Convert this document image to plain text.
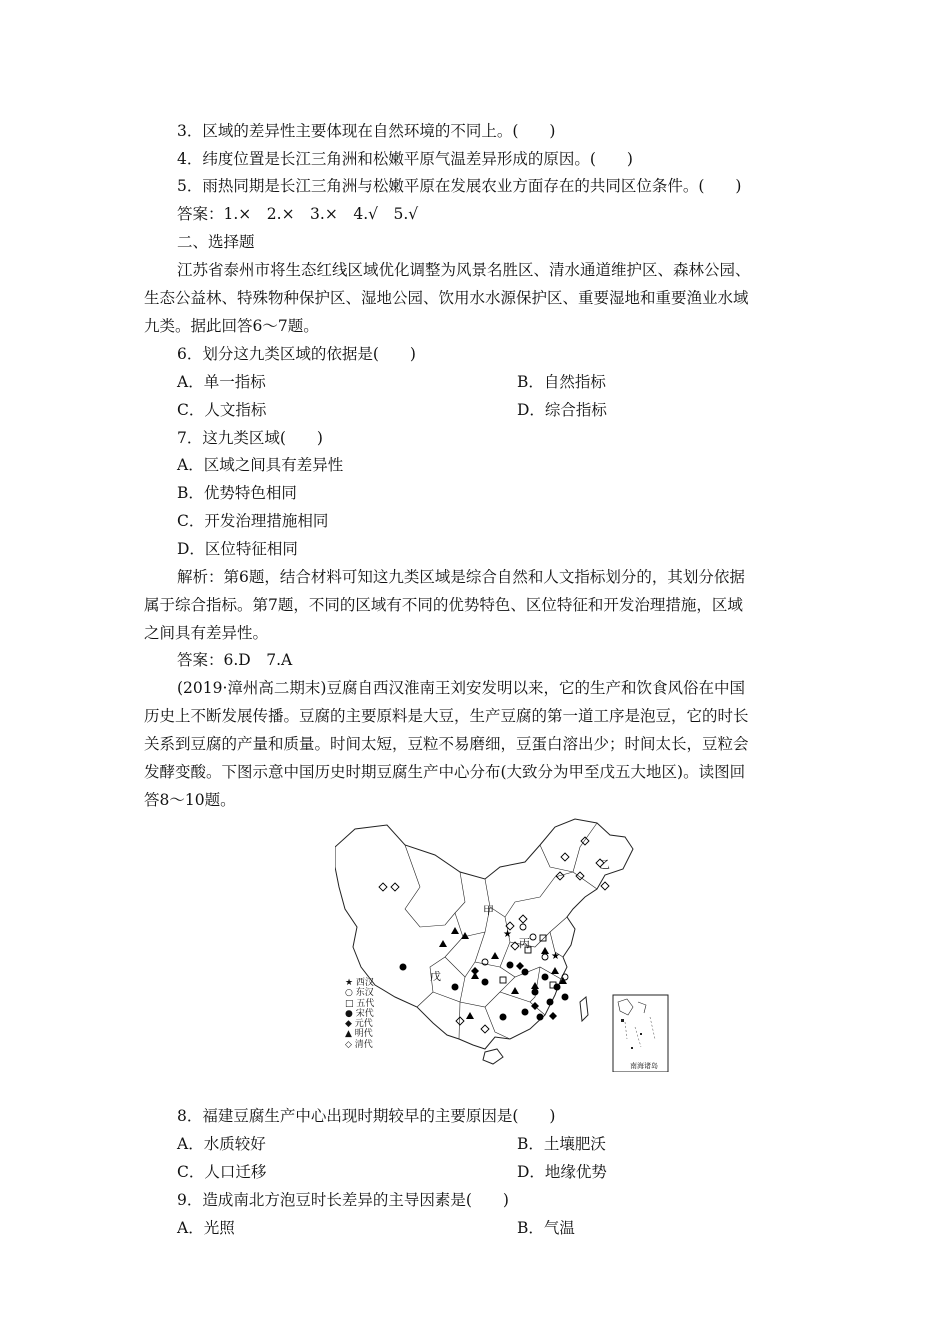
3．区域的差异性主要体现在自然环境的不同上。(　　)
4．纬度位置是长江三角洲和松嫩平原气温差异形成的原因。(　　)
5．雨热同期是长江三角洲与松嫩平原在发展农业方面存在的共同区位条件。(　　)
答案：1.×　2.×　3.×　4.√　5.√
二、选择题
江苏省泰州市将生态红线区域优化调整为风景名胜区、清水通道维护区、森林公园、
生态公益林、特殊物种保护区、湿地公园、饮用水水源保护区、重要湿地和重要渔业水域
九类。据此回答6～7题。
6．划分这九类区域的依据是(　　)
A．单一指标	B．自然指标
C．人文指标	D．综合指标
7．这九类区域(　　)
A．区域之间具有差异性
B．优势特色相同
C．开发治理措施相同
D．区位特征相同
解析：第6题，结合材料可知这九类区域是综合自然和人文指标划分的，其划分依据
属于综合指标。第7题，不同的区域有不同的优势特色、区位特征和开发治理措施，区域
之间具有差异性。
答案：6.D　7.A
(2019·漳州高二期末)豆腐自西汉淮南王刘安发明以来，它的生产和饮食风俗在中国
历史上不断发展传播。豆腐的主要原料是大豆，生产豆腐的第一道工序是泡豆，它的时长
关系到豆腐的产量和质量。时间太短，豆粒不易磨细，豆蛋白溶出少；时间太长，豆粒会
发酵变酸。下图示意中国历史时期豆腐生产中心分布(大致分为甲至戊五大地区)。读图回
答8～10题。
★
★
甲
乙
丙
戊
★ 西汉
○ 东汉
□ 五代
● 宋代
◆ 元代
▲ 明代
◇ 清代
南海诸岛
8．福建豆腐生产中心出现时期较早的主要原因是(　　)
A．水质较好	B．土壤肥沃
C．人口迁移	D．地缘优势
9．造成南北方泡豆时长差异的主导因素是(　　)
A．光照	B．气温
